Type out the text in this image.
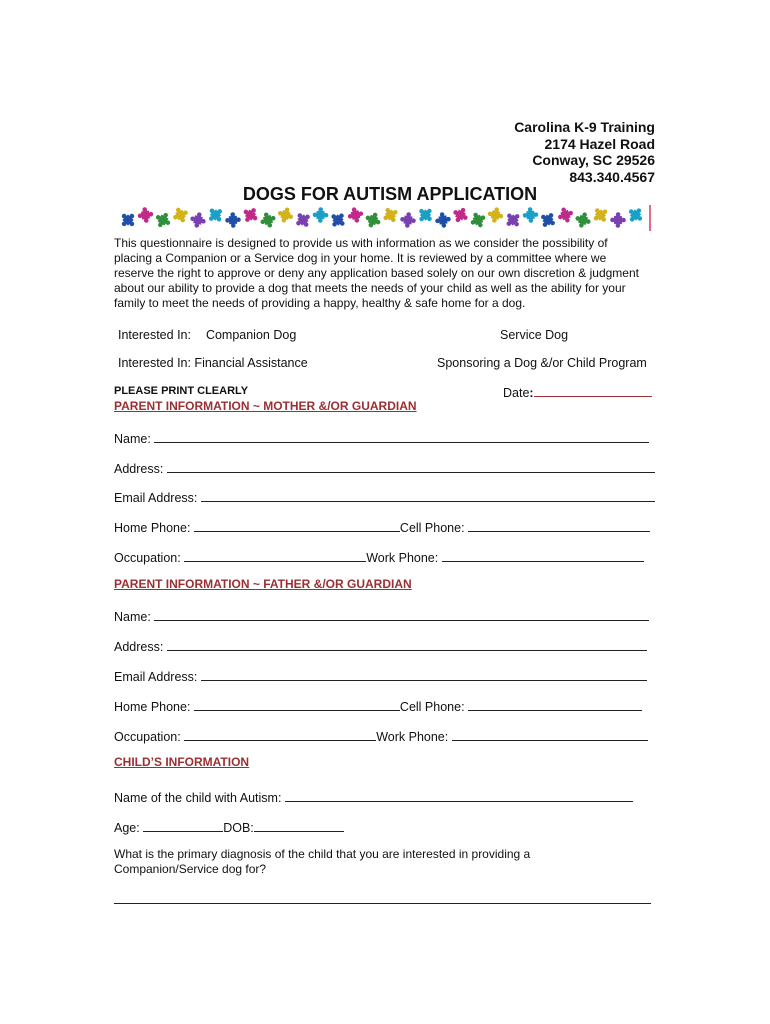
Carolina K-9 Training
2174 Hazel Road
Conway, SC 29526
843.340.4567
DOGS FOR AUTISM APPLICATION
This questionnaire is designed to provide us with information as we consider the possibility of placing a Companion or a Service dog in your home. It is reviewed by a committee where we reserve the right to approve or deny any application based solely on our own discretion & judgment about our ability to provide a dog that meets the needs of your child as well as the ability for your family to meet the needs of providing a happy, healthy & safe home for a dog.
Interested In: Companion Dog	Service Dog
Interested In: Financial Assistance	Sponsoring a Dog &/or Child Program
PLEASE PRINT CLEARLY	Date:
PARENT INFORMATION ~ MOTHER &/OR GUARDIAN
Name:
Address:
Email Address:
Home Phone:	Cell Phone:
Occupation:	Work Phone:
PARENT INFORMATION ~ FATHER &/OR GUARDIAN
Name:
Address:
Email Address:
Home Phone:	Cell Phone:
Occupation:	Work Phone:
CHILD’S INFORMATION
Name of the child with Autism:
Age:	DOB:
What is the primary diagnosis of the child that you are interested in providing a Companion/Service dog for?
